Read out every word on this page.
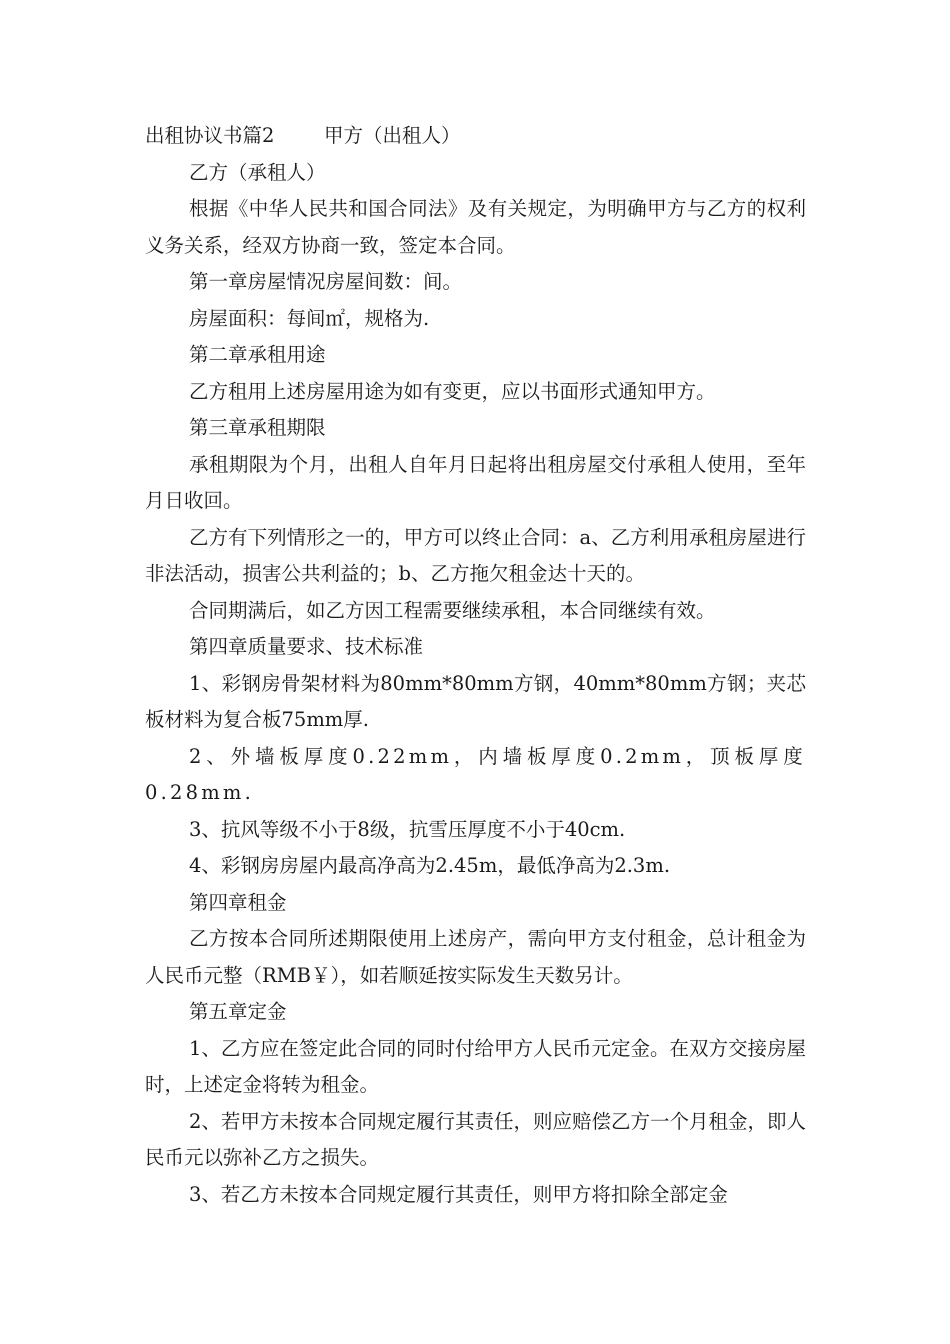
出租协议书篇2	甲方（出租人）

乙方（承租人）

根据《中华人民共和国合同法》及有关规定，为明确甲方与乙方的权利义务关系，经双方协商一致，签定本合同。

第一章房屋情况房屋间数：间。

房屋面积：每间㎡，规格为.

第二章承租用途

乙方租用上述房屋用途为如有变更，应以书面形式通知甲方。

第三章承租期限

承租期限为个月，出租人自年月日起将出租房屋交付承租人使用，至年月日收回。

乙方有下列情形之一的，甲方可以终止合同：a、乙方利用承租房屋进行非法活动，损害公共利益的；b、乙方拖欠租金达十天的。

合同期满后，如乙方因工程需要继续承租，本合同继续有效。

第四章质量要求、技术标准

1、彩钢房骨架材料为80mm*80mm方钢，40mm*80mm方钢；夹芯板材料为复合板75mm厚.

2、外墙板厚度0.22mm，内墙板厚度0.2mm，顶板厚度0.28mm.

3、抗风等级不小于8级，抗雪压厚度不小于40cm.

4、彩钢房房屋内最高净高为2.45m，最低净高为2.3m.

第四章租金

乙方按本合同所述期限使用上述房产，需向甲方支付租金，总计租金为人民币元整（RMB￥），如若顺延按实际发生天数另计。

第五章定金

1、乙方应在签定此合同的同时付给甲方人民币元定金。在双方交接房屋时，上述定金将转为租金。

2、若甲方未按本合同规定履行其责任，则应赔偿乙方一个月租金，即人民币元以弥补乙方之损失。

3、若乙方未按本合同规定履行其责任，则甲方将扣除全部定金
